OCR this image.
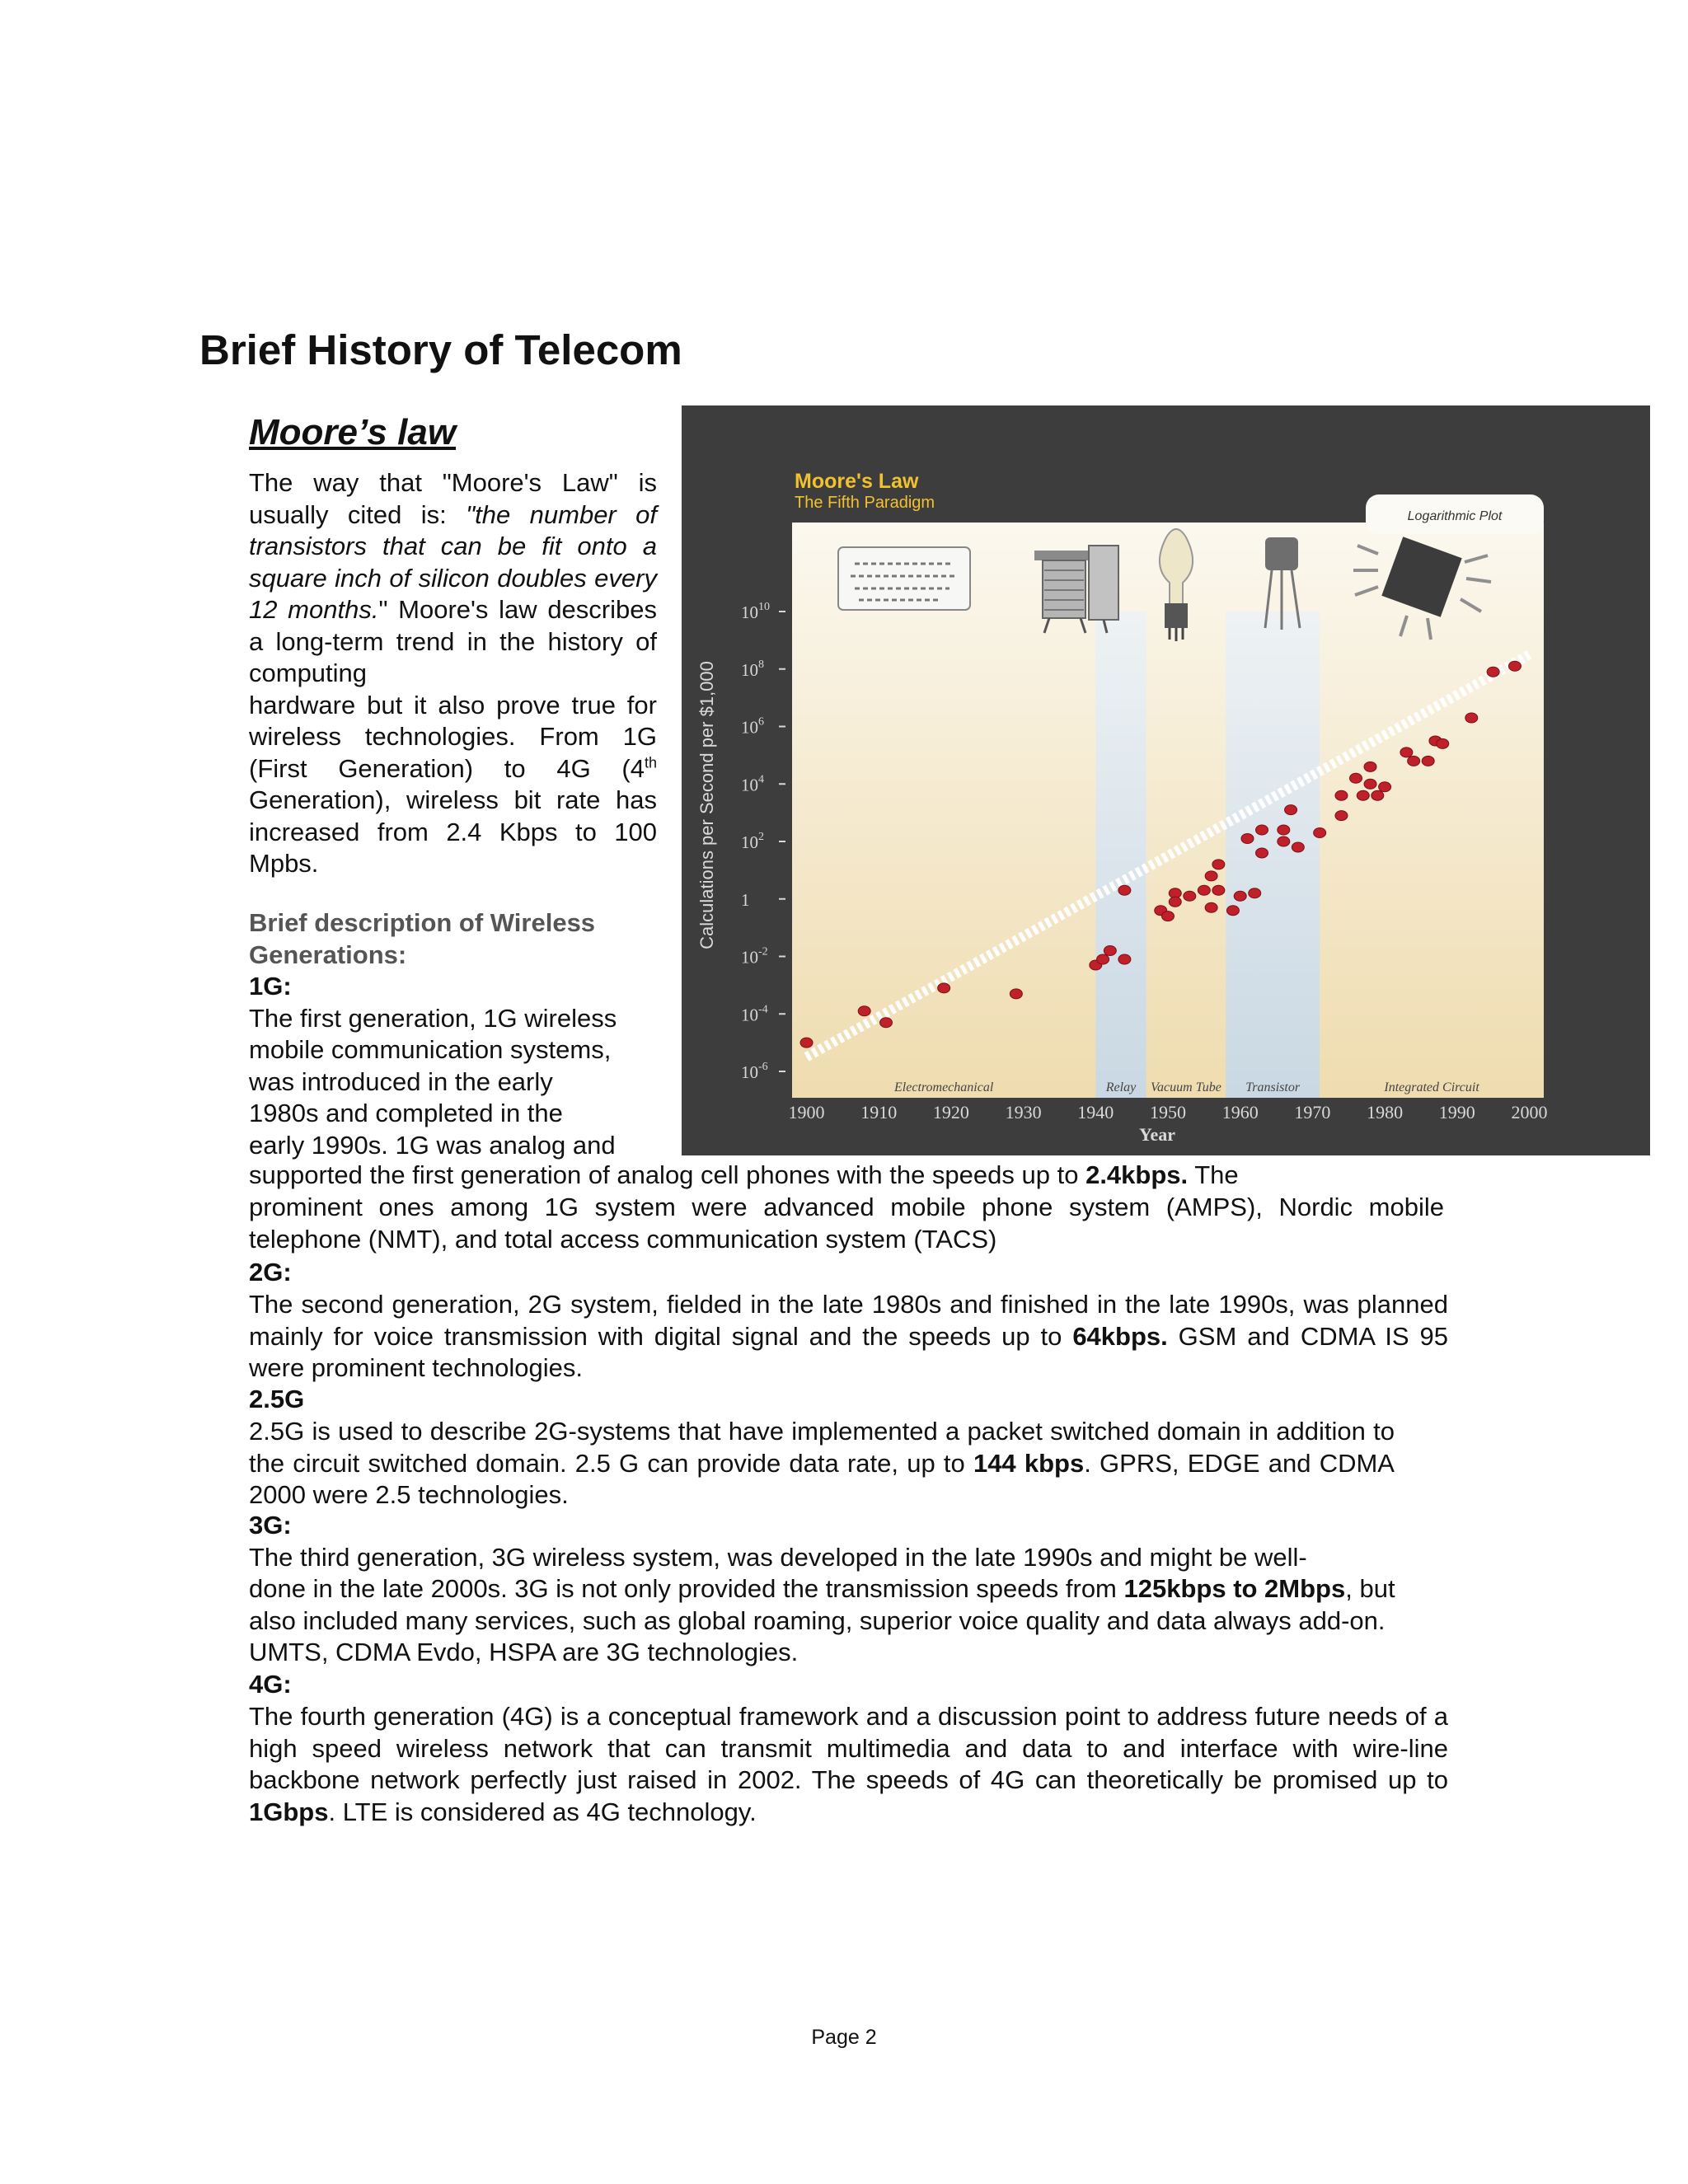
Brief History of Telecom
Moore’s law

The way that "Moore's Law" is usually cited is: "the number of transistors that can be fit onto a square inch of silicon doubles every 12 months." Moore's law describes a long-term trend in the history of computing
hardware but it also prove true for wireless technologies. From 1G (First Generation) to 4G (4th Generation), wireless bit rate has increased from 2.4 Kbps to 100 Mpbs.

Brief description of Wireless
Generations:

1G:
The first generation, 1G wireless
mobile communication systems,
was introduced in the early
1980s and completed in the
early 1990s. 1G was analog and

Logarithmic Plot
Moore's Law
The Fifth Paradigm
Calculations per Second per $1,000
Year
Electromechanical	Relay Vacuum Tube Transistor	Integrated Circuit
$10^{-6}$
$10^{-4}$
$10^{-2}$
1
$10^2$
$10^4$
$10^6$
$10^8$
$10^{10}$
1900 1910 1920 1930 1940 1950 1960 1970 1980 1990 2000

supported the first generation of analog cell phones with the speeds up to 2.4kbps. The

prominent ones among 1G system were advanced mobile phone system (AMPS), Nordic mobile telephone (NMT), and total access communication system (TACS)

2G:

The second generation, 2G system, fielded in the late 1980s and finished in the late 1990s, was planned mainly for voice transmission with digital signal and the speeds up to 64kbps. GSM and CDMA IS 95 were prominent technologies.

2.5G

2.5G is used to describe 2G-systems that have implemented a packet switched domain in addition to the circuit switched domain. 2.5 G can provide data rate, up to 144 kbps. GPRS, EDGE and CDMA 2000 were 2.5 technologies.

3G:
The third generation, 3G wireless system, was developed in the late 1990s and might be well-
done in the late 2000s. 3G is not only provided the transmission speeds from 125kbps to 2Mbps, but
also included many services, such as global roaming, superior voice quality and data always add-on.
UMTS, CDMA Evdo, HSPA are 3G technologies.

4G:

The fourth generation (4G) is a conceptual framework and a discussion point to address future needs of a high speed wireless network that can transmit multimedia and data to and interface with wire-line backbone network perfectly just raised in 2002. The speeds of 4G can theoretically be promised up to 1Gbps. LTE is considered as 4G technology.

Page 2
